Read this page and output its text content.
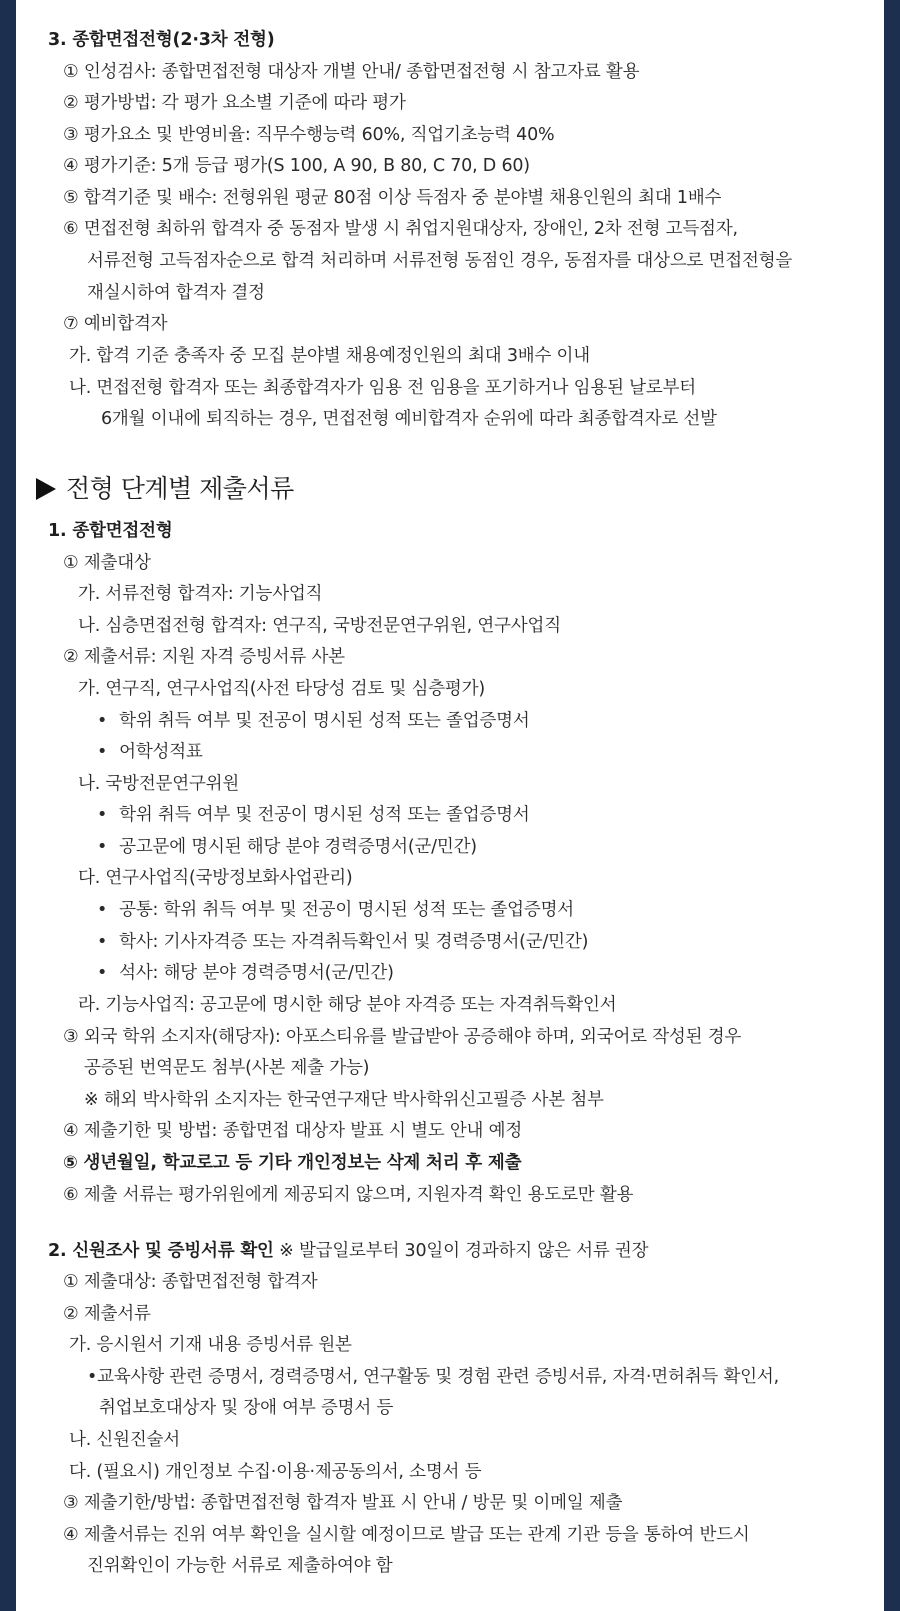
3. 종합면접전형(2·3차 전형)
① 인성검사: 종합면접전형 대상자 개별 안내/ 종합면접전형 시 참고자료 활용
② 평가방법: 각 평가 요소별 기준에 따라 평가
③ 평가요소 및 반영비율: 직무수행능력 60%, 직업기초능력 40%
④ 평가기준: 5개 등급 평가(S 100, A 90, B 80, C 70, D 60)
⑤ 합격기준 및 배수: 전형위원 평균 80점 이상 득점자 중 분야별 채용인원의 최대 1배수
⑥ 면접전형 최하위 합격자 중 동점자 발생 시 취업지원대상자, 장애인, 2차 전형 고득점자,
서류전형 고득점자순으로 합격 처리하며 서류전형 동점인 경우, 동점자를 대상으로 면접전형을
재실시하여 합격자 결정
⑦ 예비합격자
가. 합격 기준 충족자 중 모집 분야별 채용예정인원의 최대 3배수 이내
나. 면접전형 합격자 또는 최종합격자가 임용 전 임용을 포기하거나 임용된 날로부터
6개월 이내에 퇴직하는 경우, 면접전형 예비합격자 순위에 따라 최종합격자로 선발
전형 단계별 제출서류
1. 종합면접전형
① 제출대상
가. 서류전형 합격자: 기능사업직
나. 심층면접전형 합격자: 연구직, 국방전문연구위원, 연구사업직
② 제출서류: 지원 자격 증빙서류 사본
가. 연구직, 연구사업직(사전 타당성 검토 및 심층평가)
• 학위 취득 여부 및 전공이 명시된 성적 또는 졸업증명서
• 어학성적표
나. 국방전문연구위원
• 학위 취득 여부 및 전공이 명시된 성적 또는 졸업증명서
• 공고문에 명시된 해당 분야 경력증명서(군/민간)
다. 연구사업직(국방정보화사업관리)
• 공통: 학위 취득 여부 및 전공이 명시된 성적 또는 졸업증명서
• 학사: 기사자격증 또는 자격취득확인서 및 경력증명서(군/민간)
• 석사: 해당 분야 경력증명서(군/민간)
라. 기능사업직: 공고문에 명시한 해당 분야 자격증 또는 자격취득확인서
③ 외국 학위 소지자(해당자): 아포스티유를 발급받아 공증해야 하며, 외국어로 작성된 경우
공증된 번역문도 첨부(사본 제출 가능)
※ 해외 박사학위 소지자는 한국연구재단 박사학위신고필증 사본 첨부
④ 제출기한 및 방법: 종합면접 대상자 발표 시 별도 안내 예정
⑤ 생년월일, 학교로고 등 기타 개인정보는 삭제 처리 후 제출
⑥ 제출 서류는 평가위원에게 제공되지 않으며, 지원자격 확인 용도로만 활용
2. 신원조사 및 증빙서류 확인 ※ 발급일로부터 30일이 경과하지 않은 서류 권장
① 제출대상: 종합면접전형 합격자
② 제출서류
가. 응시원서 기재 내용 증빙서류 원본
•교육사항 관련 증명서, 경력증명서, 연구활동 및 경험 관련 증빙서류, 자격·면허취득 확인서,
취업보호대상자 및 장애 여부 증명서 등
나. 신원진술서
다. (필요시) 개인정보 수집·이용·제공동의서, 소명서 등
③ 제출기한/방법: 종합면접전형 합격자 발표 시 안내 / 방문 및 이메일 제출
④ 제출서류는 진위 여부 확인을 실시할 예정이므로 발급 또는 관계 기관 등을 통하여 반드시
진위확인이 가능한 서류로 제출하여야 함
